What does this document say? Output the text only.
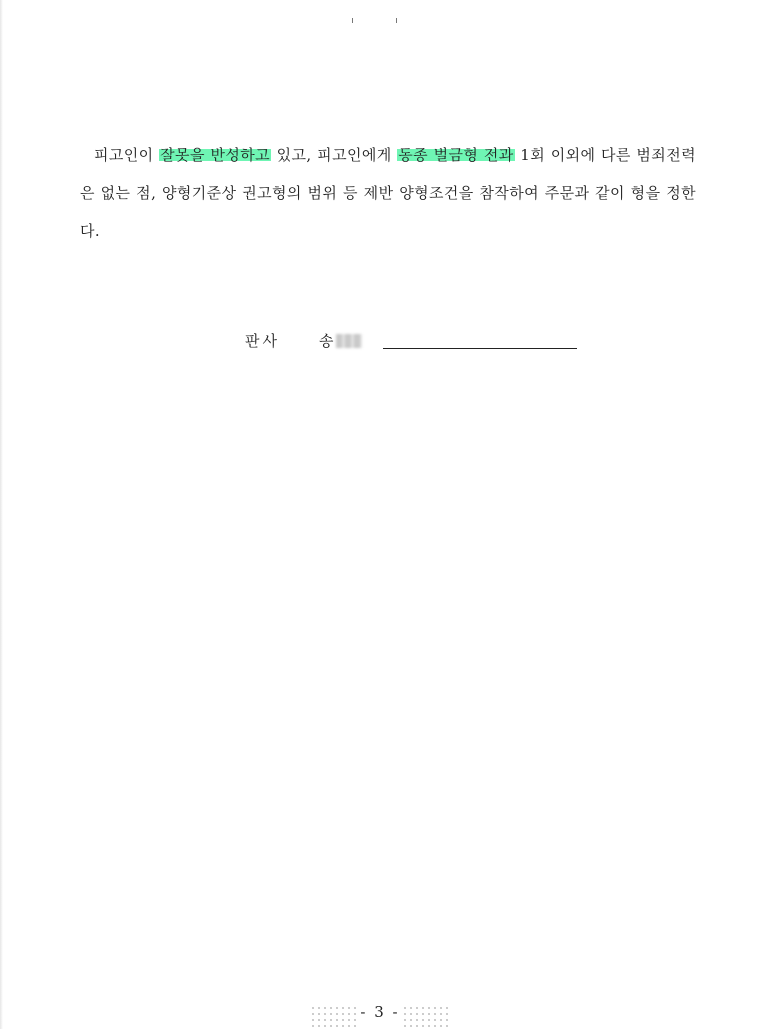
피고인이 잘못을 반성하고 있고, 피고인에게 동종 벌금형 전과 1회 이외에 다른 범죄전력은 없는 점, 양형기준상 권고형의 범위 등 제반 양형조건을 참작하여 주문과 같이 형을 정한다.

판사	송
- 3 -
